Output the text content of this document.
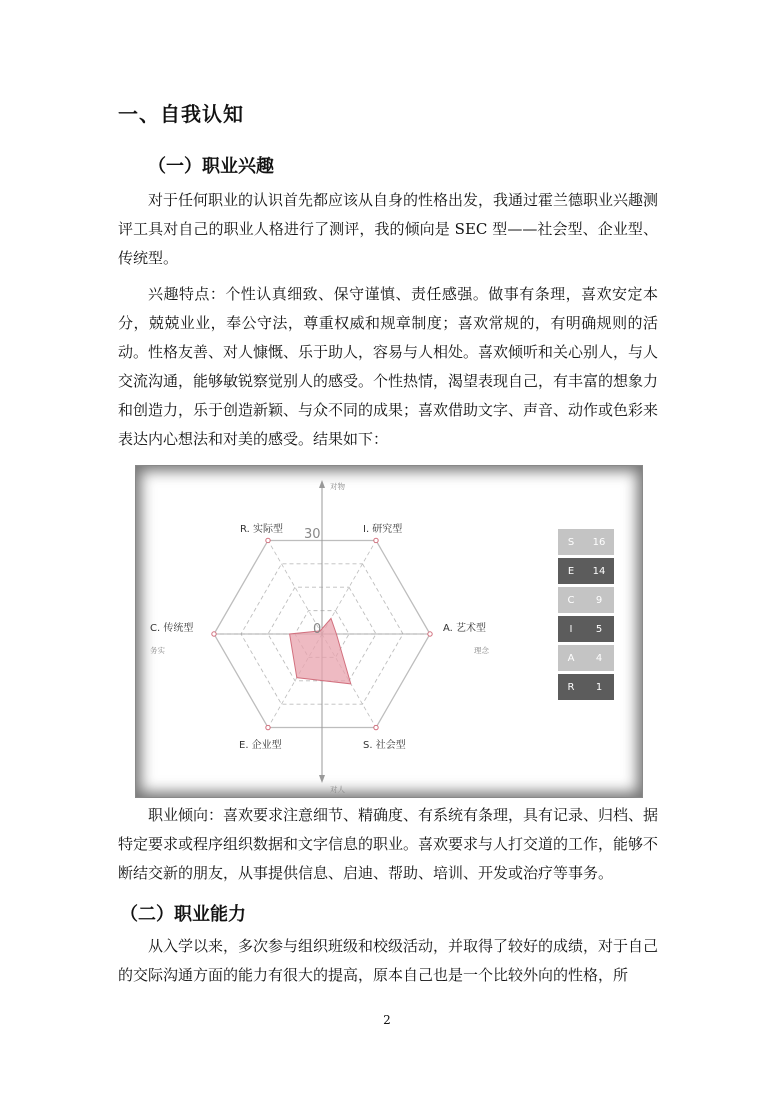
一、自我认知
（一）职业兴趣

对于任何职业的认识首先都应该从自身的性格出发，我通过霍兰德职业兴趣测评工具对自己的职业人格进行了测评，我的倾向是 SEC 型——社会型、企业型、传统型。

兴趣特点：个性认真细致、保守谨慎、责任感强。做事有条理，喜欢安定本分，兢兢业业，奉公守法，尊重权威和规章制度；喜欢常规的，有明确规则的活动。性格友善、对人慷慨、乐于助人，容易与人相处。喜欢倾听和关心别人，与人交流沟通，能够敏锐察觉别人的感受。个性热情，渴望表现自己，有丰富的想象力和创造力，乐于创造新颖、与众不同的成果；喜欢借助文字、声音、动作或色彩来表达内心想法和对美的感受。结果如下：

I. 研究型
A. 艺术型
S. 社会型
E. 企业型
C. 传统型
R. 实际型
对物
对人
务实	理念
30
0
S	16
E	14
C	9
I	5
A	4
R	1

职业倾向：喜欢要求注意细节、精确度、有系统有条理，具有记录、归档、据特定要求或程序组织数据和文字信息的职业。喜欢要求与人打交道的工作，能够不断结交新的朋友，从事提供信息、启迪、帮助、培训、开发或治疗等事务。

（二）职业能力

从入学以来，多次参与组织班级和校级活动，并取得了较好的成绩，对于自己的交际沟通方面的能力有很大的提高，原本自己也是一个比较外向的性格，所

2
